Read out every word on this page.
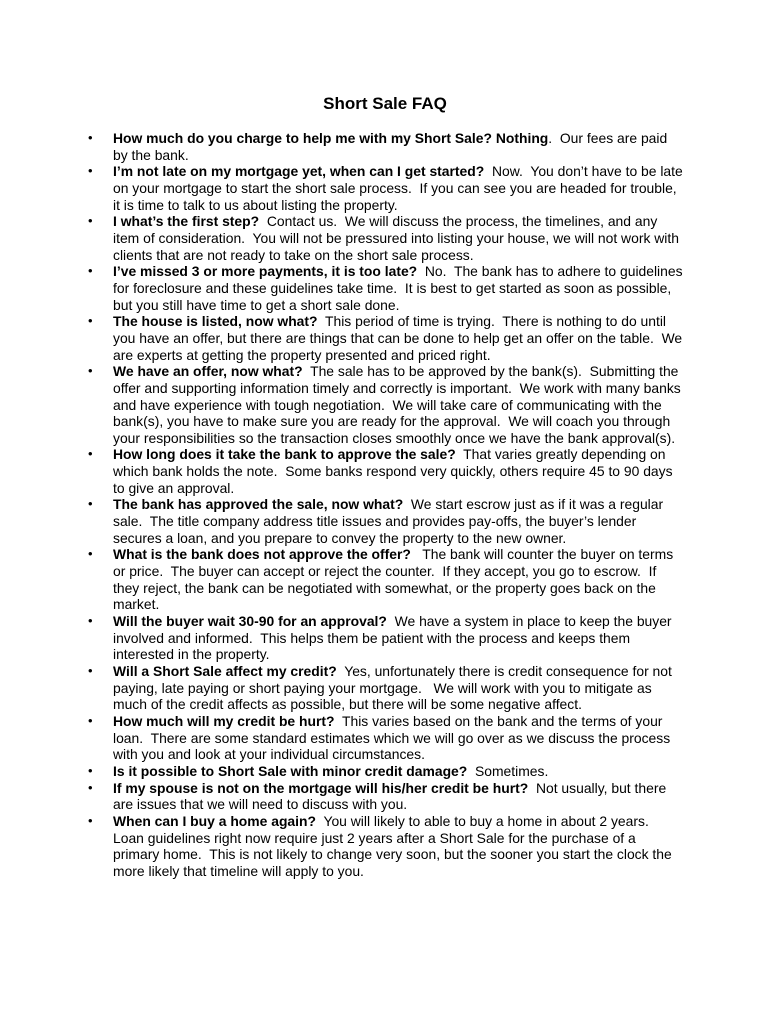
Short Sale FAQ
• How much do you charge to help me with my Short Sale? Nothing.  Our fees are paid by the bank.
• I’m not late on my mortgage yet, when can I get started?  Now.  You don’t have to be late on your mortgage to start the short sale process.  If you can see you are headed for trouble, it is time to talk to us about listing the property.
• I what’s the first step?  Contact us.  We will discuss the process, the timelines, and any item of consideration.  You will not be pressured into listing your house, we will not work with clients that are not ready to take on the short sale process.
• I’ve missed 3 or more payments, it is too late?  No.  The bank has to adhere to guidelines for foreclosure and these guidelines take time.  It is best to get started as soon as possible, but you still have time to get a short sale done.
• The house is listed, now what?  This period of time is trying.  There is nothing to do until you have an offer, but there are things that can be done to help get an offer on the table.  We are experts at getting the property presented and priced right.
• We have an offer, now what?  The sale has to be approved by the bank(s).  Submitting the offer and supporting information timely and correctly is important.  We work with many banks and have experience with tough negotiation.  We will take care of communicating with the bank(s), you have to make sure you are ready for the approval.  We will coach you through your responsibilities so the transaction closes smoothly once we have the bank approval(s).
• How long does it take the bank to approve the sale?  That varies greatly depending on which bank holds the note.  Some banks respond very quickly, others require 45 to 90 days to give an approval.
• The bank has approved the sale, now what?  We start escrow just as if it was a regular sale.  The title company address title issues and provides pay-offs, the buyer’s lender secures a loan, and you prepare to convey the property to the new owner.
• What is the bank does not approve the offer?   The bank will counter the buyer on terms or price.  The buyer can accept or reject the counter.  If they accept, you go to escrow.  If they reject, the bank can be negotiated with somewhat, or the property goes back on the market.
• Will the buyer wait 30-90 for an approval?  We have a system in place to keep the buyer involved and informed.  This helps them be patient with the process and keeps them interested in the property.
• Will a Short Sale affect my credit?  Yes, unfortunately there is credit consequence for not paying, late paying or short paying your mortgage.   We will work with you to mitigate as much of the credit affects as possible, but there will be some negative affect.
• How much will my credit be hurt?  This varies based on the bank and the terms of your loan.  There are some standard estimates which we will go over as we discuss the process with you and look at your individual circumstances.
• Is it possible to Short Sale with minor credit damage?  Sometimes.
• If my spouse is not on the mortgage will his/her credit be hurt?  Not usually, but there are issues that we will need to discuss with you.
• When can I buy a home again?  You will likely to able to buy a home in about 2 years.  Loan guidelines right now require just 2 years after a Short Sale for the purchase of a primary home.  This is not likely to change very soon, but the sooner you start the clock the more likely that timeline will apply to you.
